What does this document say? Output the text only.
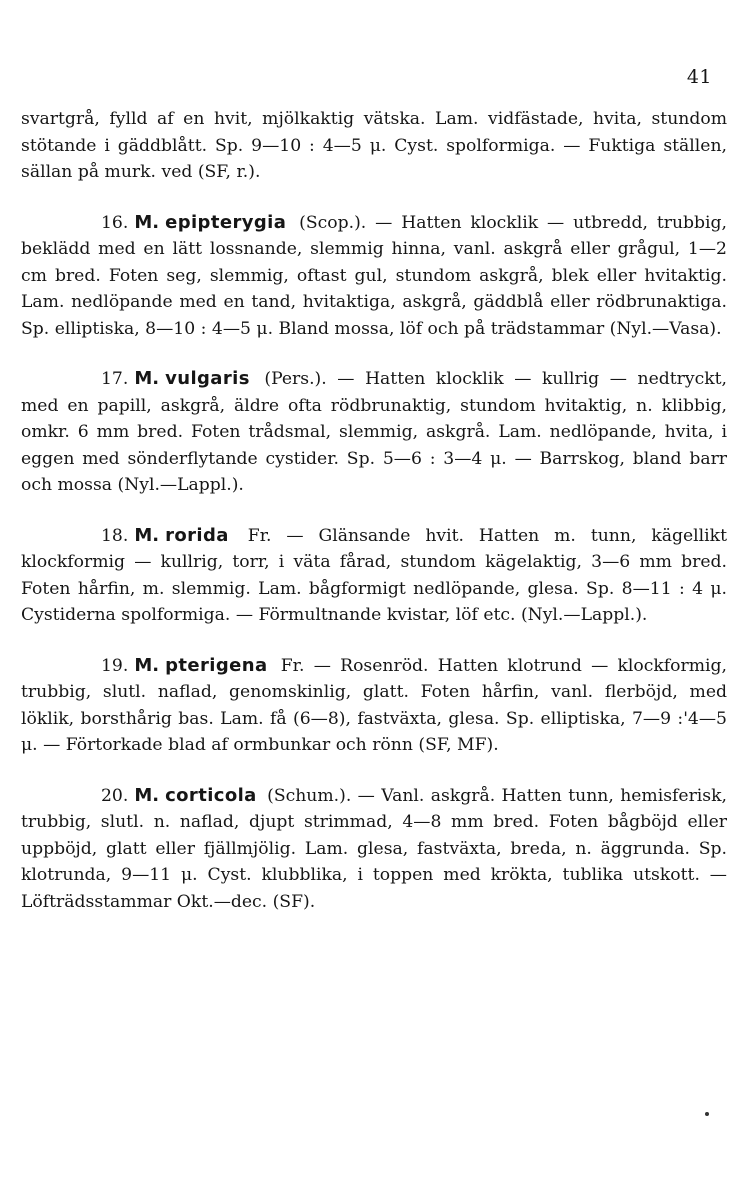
41

svartgrå, fylld af en hvit, mjölkaktig vätska. Lam. vidfästade, hvita, stundom stötande i gäddblått. Sp. 9—10 : 4—5 μ. Cyst. spolformiga. — Fuktiga ställen, sällan på murk. ved (SF, r.).

16. M. epipterygia (Scop.). — Hatten klocklik — utbredd, trubbig, beklädd med en lätt lossnande, slemmig hinna, vanl. askgrå eller grågul, 1—2 cm bred. Foten seg, slemmig, oftast gul, stundom askgrå, blek eller hvitaktig. Lam. nedlöpande med en tand, hvitaktiga, askgrå, gäddblå eller rödbrunaktiga. Sp. elliptiska, 8—10 : 4—5 μ. Bland mossa, löf och på trädstammar (Nyl.—Vasa).

17. M. vulgaris (Pers.). — Hatten klocklik — kullrig — nedtryckt, med en papill, askgrå, äldre ofta rödbrunaktig, stundom hvitaktig, n. klibbig, omkr. 6 mm bred. Foten trådsmal, slemmig, askgrå. Lam. nedlöpande, hvita, i eggen med sönderflytande cystider. Sp. 5—6 : 3—4 μ. — Barrskog, bland barr och mossa (Nyl.—Lappl.).

18. M. rorida Fr. — Glänsande hvit. Hatten m. tunn, kägellikt klockformig — kullrig, torr, i väta fårad, stundom kägelaktig, 3—6 mm bred. Foten hårfin, m. slemmig. Lam. bågformigt nedlöpande, glesa. Sp. 8—11 : 4 μ. Cystiderna spolformiga. — Förmultnande kvistar, löf etc. (Nyl.—Lappl.).

19. M. pterigena Fr. — Rosenröd. Hatten klotrund — klockformig, trubbig, slutl. naflad, genomskinlig, glatt. Foten hårfin, vanl. flerböjd, med löklik, borsthårig bas. Lam. få (6—8), fastväxta, glesa. Sp. elliptiska, 7—9 :'4—5 μ. — Förtorkade blad af ormbunkar och rönn (SF, MF).

20. M. corticola (Schum.). — Vanl. askgrå. Hatten tunn, hemisferisk, trubbig, slutl. n. naflad, djupt strimmad, 4—8 mm bred. Foten bågböjd eller uppböjd, glatt eller fjällmjölig. Lam. glesa, fastväxta, breda, n. äggrunda. Sp. klotrunda, 9—11 μ. Cyst. klubblika, i toppen med krökta, tublika utskott. — Löfträdsstammar Okt.—dec. (SF).
